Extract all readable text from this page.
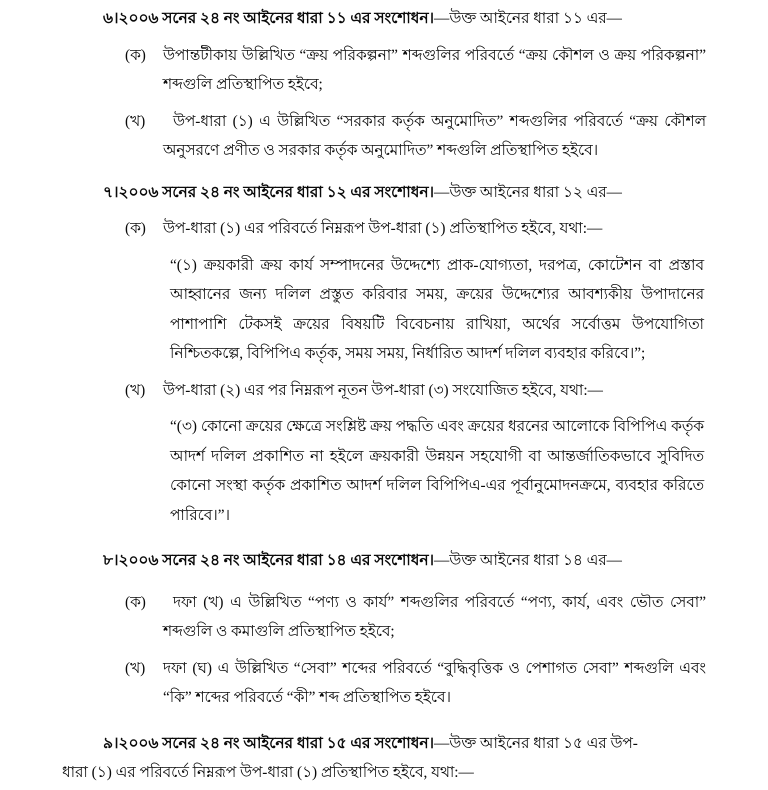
৬।২০০৬ সনের ২৪ নং আইনের ধারা ১১ এর সংশোধন।—উক্ত আইনের ধারা ১১ এর—

(ক)	উপান্তটীকায় উল্লিখিত “ক্রয় পরিকল্পনা” শব্দগুলির পরিবর্তে “ক্রয় কৌশল ও ক্রয় পরিকল্পনা” শব্দগুলি প্রতিস্থাপিত হইবে;
(খ)	উপ-ধারা (১) এ উল্লিখিত “সরকার কর্তৃক অনুমোদিত” শব্দগুলির পরিবর্তে “ক্রয় কৌশল অনুসরণে প্রণীত ও সরকার কর্তৃক অনুমোদিত” শব্দগুলি প্রতিস্থাপিত হইবে।

৭।২০০৬ সনের ২৪ নং আইনের ধারা ১২ এর সংশোধন।—উক্ত আইনের ধারা ১২ এর—

(ক)	উপ-ধারা (১) এর পরিবর্তে নিম্নরূপ উপ-ধারা (১) প্রতিস্থাপিত হইবে, যথা:—

“(১) ক্রয়কারী ক্রয় কার্য সম্পাদনের উদ্দেশ্যে প্রাক-যোগ্যতা, দরপত্র, কোটেশন বা প্রস্তাব আহ্বানের জন্য দলিল প্রস্তুত করিবার সময়, ক্রয়ের উদ্দেশ্যের আবশ্যকীয় উপাদানের পাশাপাশি টেকসই ক্রয়ের বিষয়টি বিবেচনায় রাখিয়া, অর্থের সর্বোত্তম উপযোগিতা নিশ্চিতকল্পে, বিপিপিএ কর্তৃক, সময় সময়, নির্ধারিত আদর্শ দলিল ব্যবহার করিবে।”;

(খ)	উপ-ধারা (২) এর পর নিম্নরূপ নূতন উপ-ধারা (৩) সংযোজিত হইবে, যথা:—

“(৩) কোনো ক্রয়ের ক্ষেত্রে সংশ্লিষ্ট ক্রয় পদ্ধতি এবং ক্রয়ের ধরনের আলোকে বিপিপিএ কর্তৃক আদর্শ দলিল প্রকাশিত না হইলে ক্রয়কারী উন্নয়ন সহযোগী বা আন্তর্জাতিকভাবে সুবিদিত কোনো সংস্থা কর্তৃক প্রকাশিত আদর্শ দলিল বিপিপিএ-এর পূর্বানুমোদনক্রমে, ব্যবহার করিতে পারিবে।”।

৮।২০০৬ সনের ২৪ নং আইনের ধারা ১৪ এর সংশোধন।—উক্ত আইনের ধারা ১৪ এর—

(ক)	দফা (খ) এ উল্লিখিত “পণ্য ও কার্য” শব্দগুলির পরিবর্তে “পণ্য, কার্য, এবং ভৌত সেবা” শব্দগুলি ও কমাগুলি প্রতিস্থাপিত হইবে;
(খ)	দফা (ঘ) এ উল্লিখিত “সেবা” শব্দের পরিবর্তে “বুদ্ধিবৃত্তিক ও পেশাগত সেবা” শব্দগুলি এবং “কি” শব্দের পরিবর্তে “কী” শব্দ প্রতিস্থাপিত হইবে।

৯।২০০৬ সনের ২৪ নং আইনের ধারা ১৫ এর সংশোধন।—উক্ত আইনের ধারা ১৫ এর উপ-

ধারা (১) এর পরিবর্তে নিম্নরূপ উপ-ধারা (১) প্রতিস্থাপিত হইবে, যথা:—
